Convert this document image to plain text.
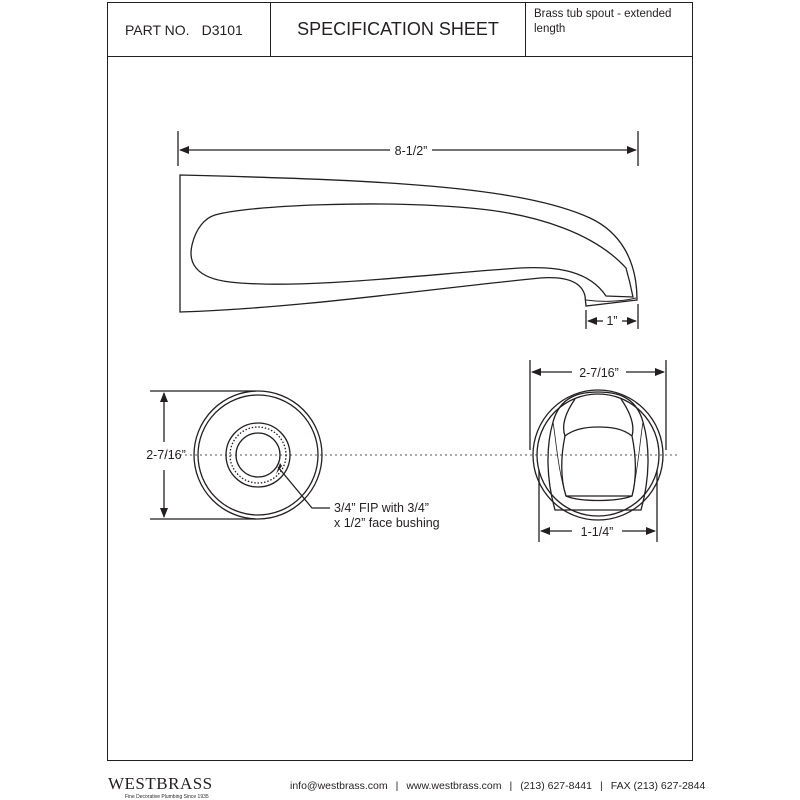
PART NO. D3101	SPECIFICATION SHEET
Brass tub spout - extended
length
8-1/2”
1”
2-7/16”
2-7/16”
1-1/4”
3/4” FIP with 3/4”
x 1/2” face bushing
WESTBRASS
Fine Decorative Plumbing Since 1935
info@westbrass.com | www.westbrass.com | (213) 627-8441 | FAX (213) 627-2844
